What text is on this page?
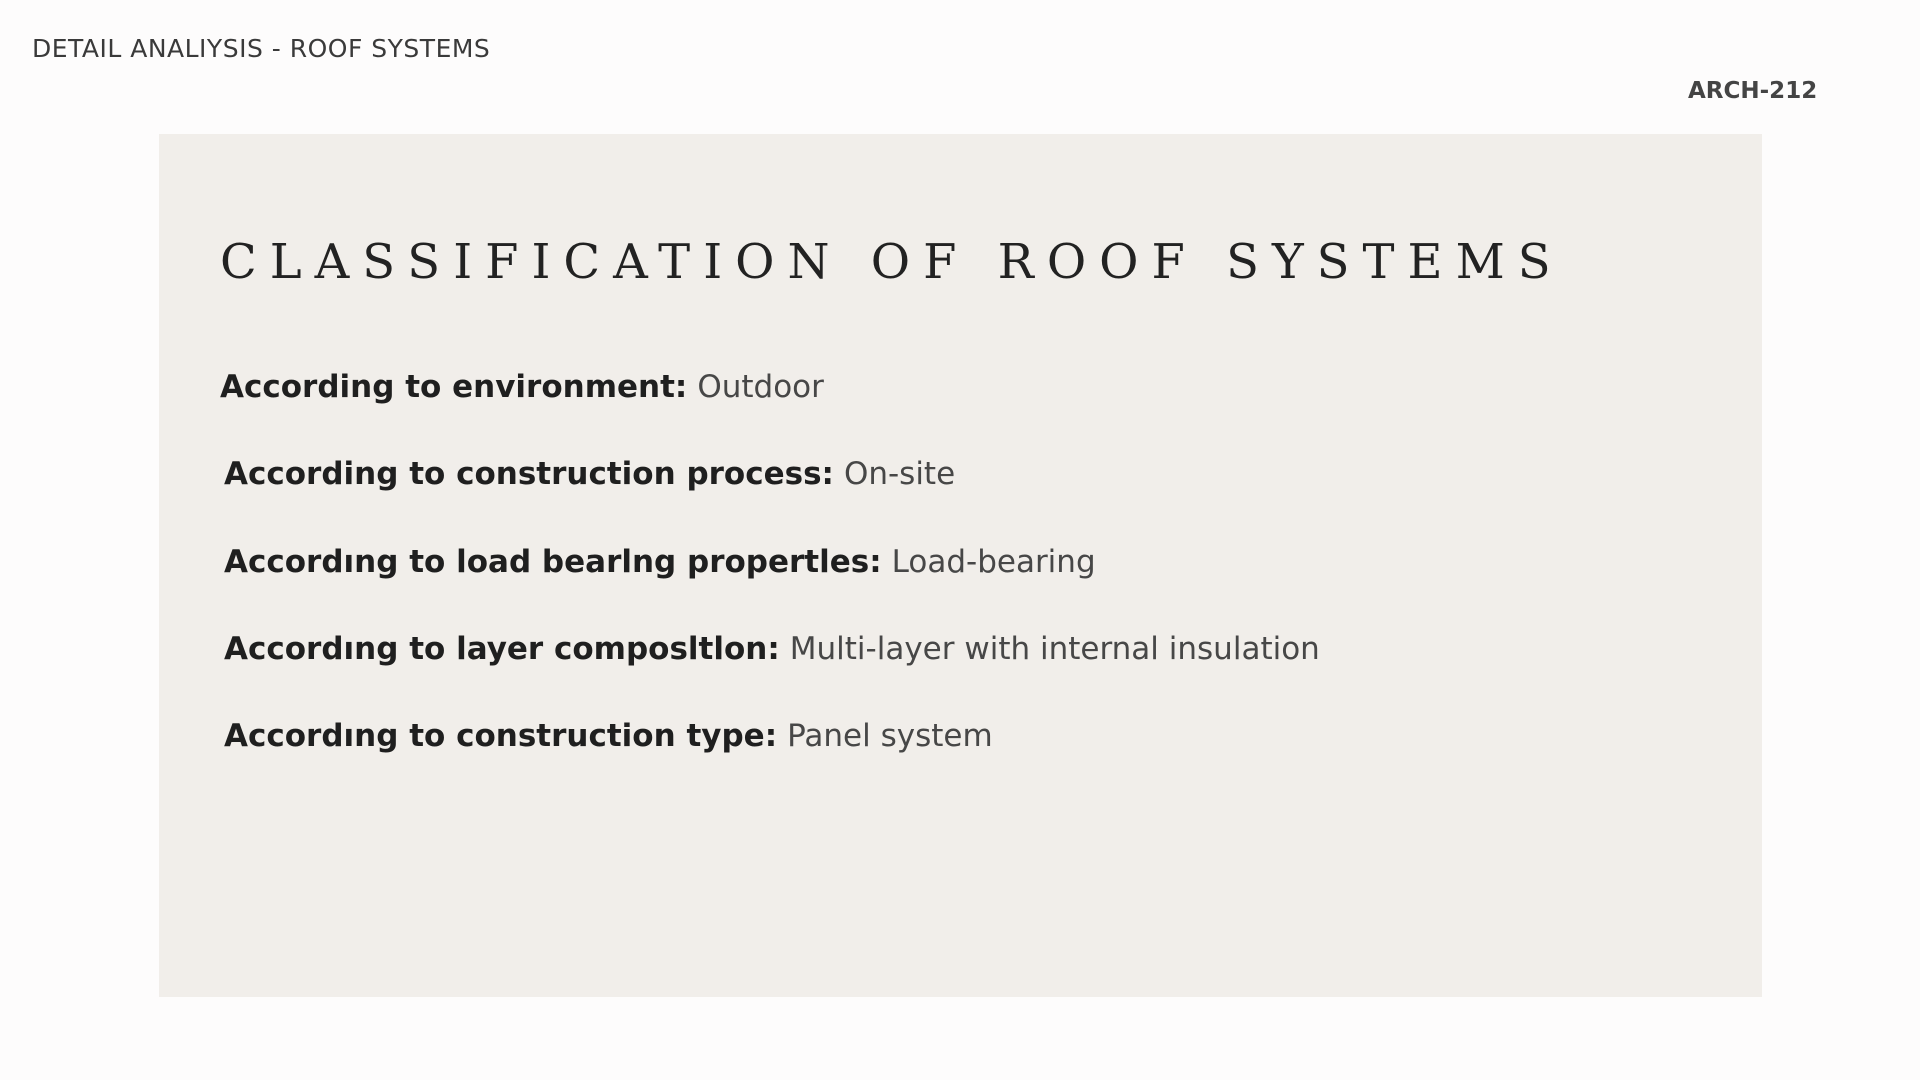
DETAIL ANALIYSIS - ROOF SYSTEMS
ARCH-212
CLASSIFICATION OF ROOF SYSTEMS
According to environment: Outdoor
According to construction process: On-site
Accordıng to load bearlng propertles: Load-bearing
Accordıng to layer composltlon: Multi-layer with internal insulation
Accordıng to construction type: Panel system
